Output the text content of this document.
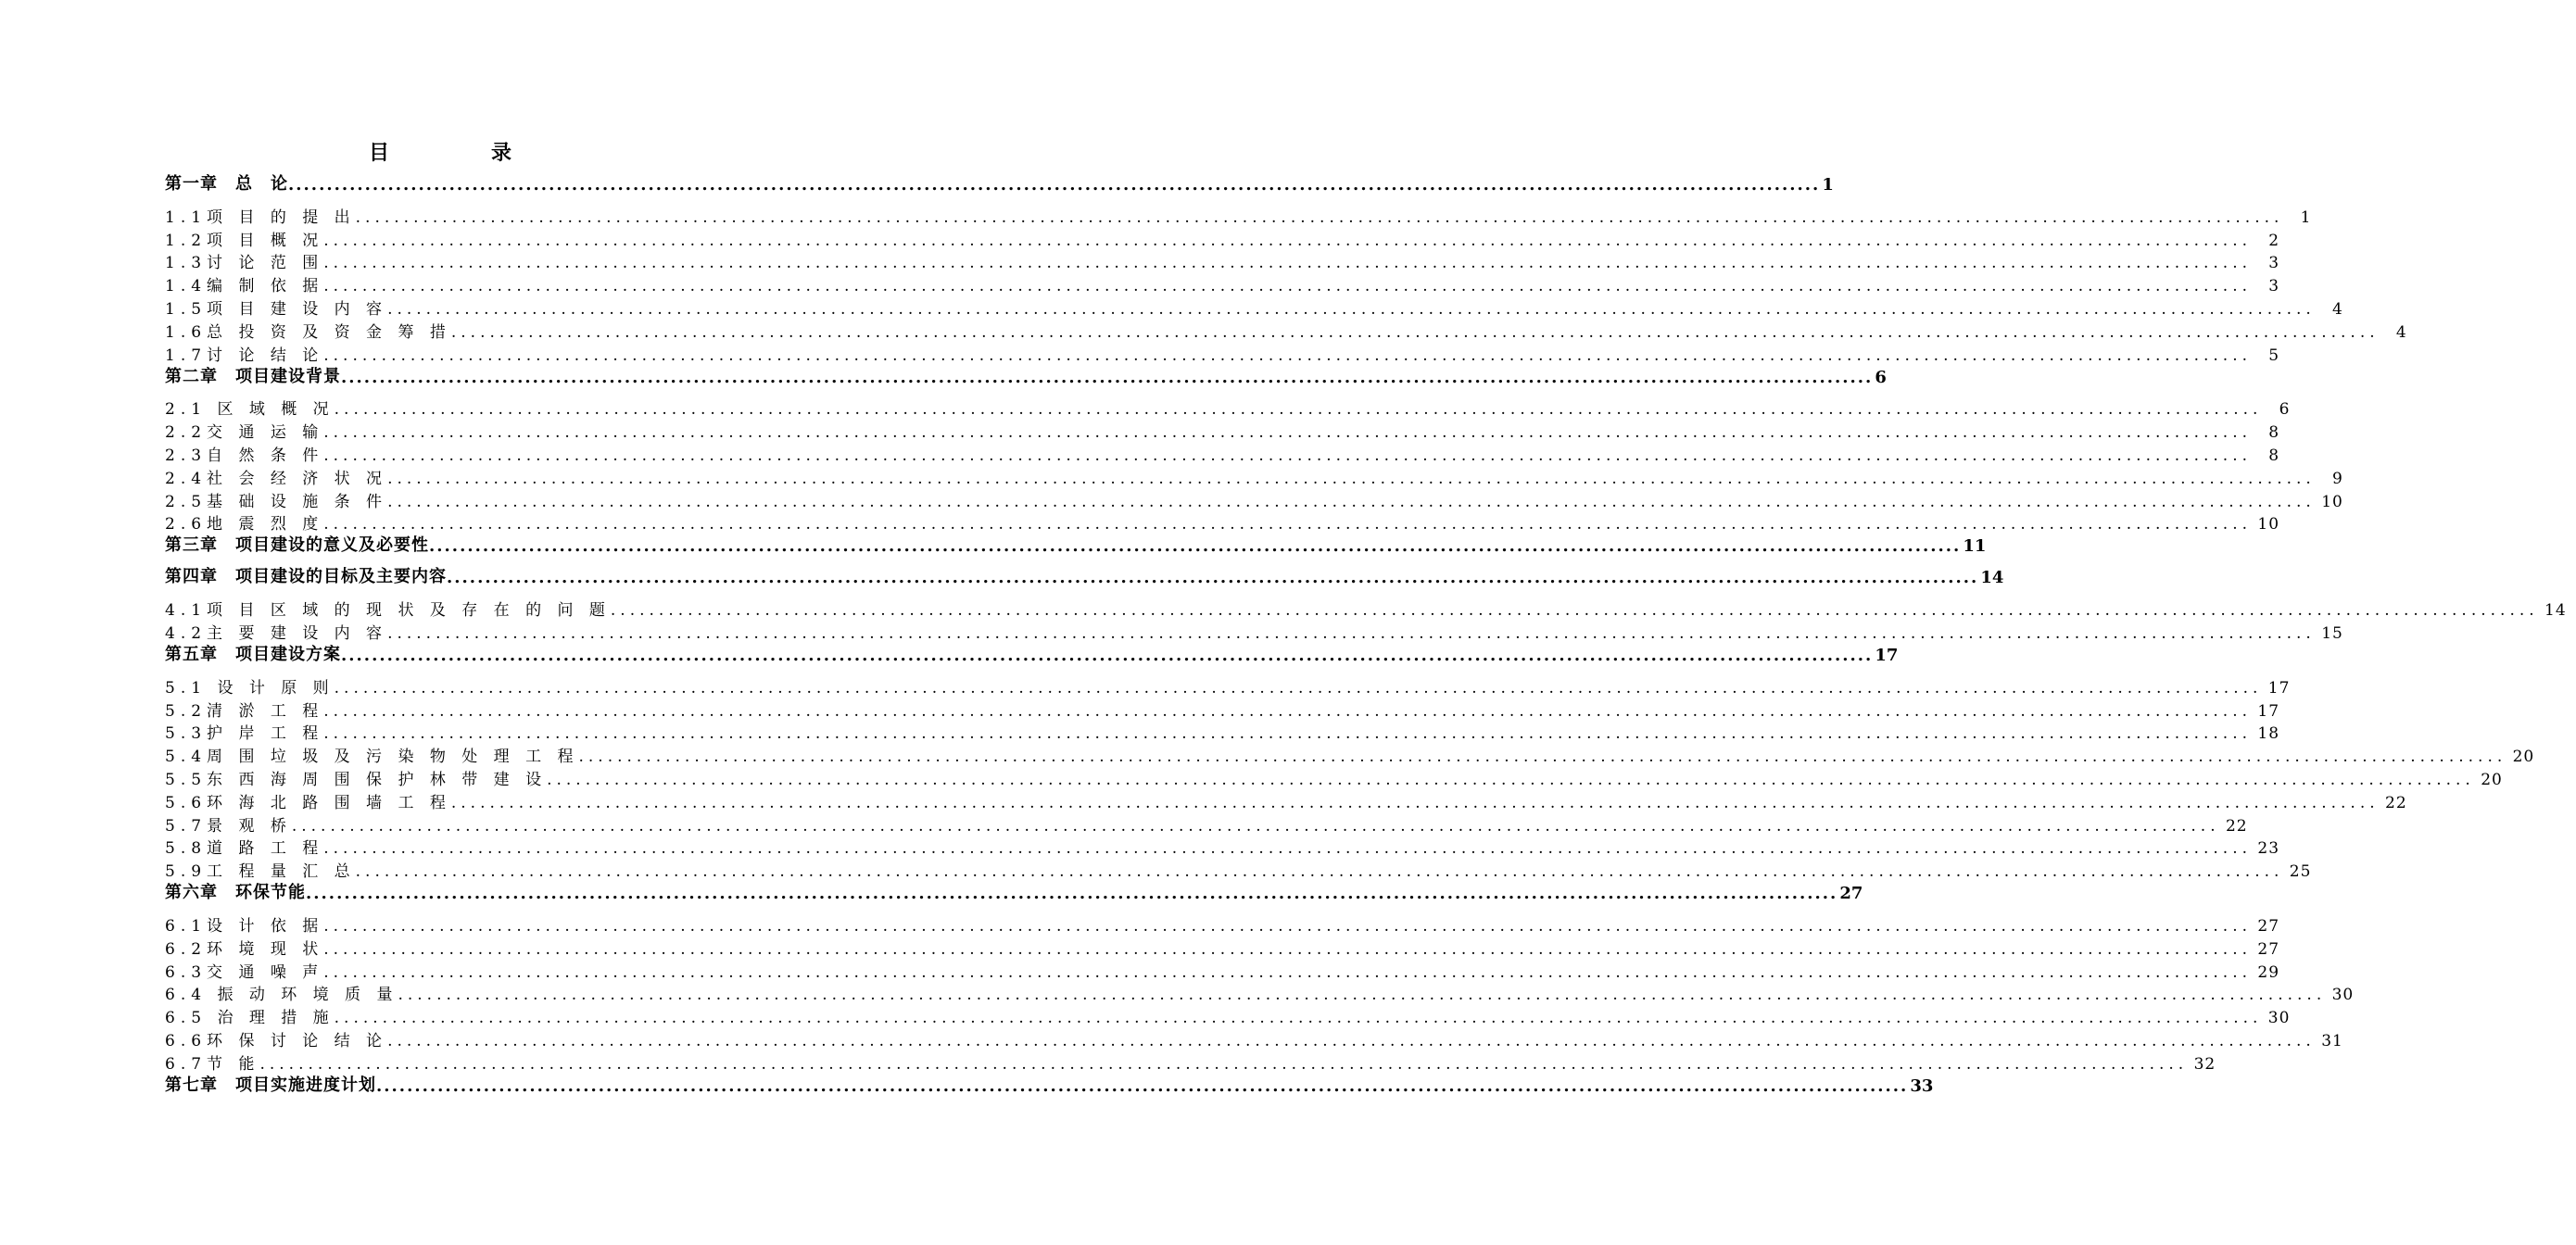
目　录
第一章　总　论 ........................................................................................................................................................................................................ 1
1.1项 目 的 提 出 ........................................................................................................................................................................................................	1
1.2项 目 概 况 ........................................................................................................................................................................................................	2
1.3讨 论 范 围 ........................................................................................................................................................................................................	3
1.4编 制 依 据 ........................................................................................................................................................................................................	3
1.5项 目 建 设 内 容 ........................................................................................................................................................................................................	4
1.6总 投 资 及 资 金 筹 措 ........................................................................................................................................................................................................	4
1.7讨 论 结 论 ........................................................................................................................................................................................................	5
第二章　项目建设背景 ........................................................................................................................................................................................................ 6
2.1 区 域 概 况 ........................................................................................................................................................................................................	6
2.2交 通 运 输 ........................................................................................................................................................................................................	8
2.3自 然 条 件 ........................................................................................................................................................................................................	8
2.4社 会 经 济 状 况 ........................................................................................................................................................................................................	9
2.5基 础 设 施 条 件 ........................................................................................................................................................................................................ 10
2.6地 震 烈 度 ........................................................................................................................................................................................................ 10
第三章　项目建设的意义及必要性 ........................................................................................................................................................................................................ 11
第四章　项目建设的目标及主要内容 ........................................................................................................................................................................................................ 14
4.1项 目 区 域 的 现 状 及 存 在 的 问 题 ........................................................................................................................................................................................................ 14
4.2主 要 建 设 内 容 ........................................................................................................................................................................................................ 15
第五章　项目建设方案 ........................................................................................................................................................................................................ 17
5.1 设 计 原 则 ........................................................................................................................................................................................................ 17
5.2清 淤 工 程 ........................................................................................................................................................................................................ 17
5.3护 岸 工 程 ........................................................................................................................................................................................................ 18
5.4周 围 垃 圾 及 污 染 物 处 理 工 程 ........................................................................................................................................................................................................ 20
5.5东 西 海 周 围 保 护 林 带 建 设 ........................................................................................................................................................................................................ 20
5.6环 海 北 路 围 墙 工 程 ........................................................................................................................................................................................................ 22
5.7景 观 桥 ........................................................................................................................................................................................................ 22
5.8道 路 工 程 ........................................................................................................................................................................................................ 23
5.9工 程 量 汇 总 ........................................................................................................................................................................................................ 25
第六章　环保节能 ........................................................................................................................................................................................................ 27
6.1设 计 依 据 ........................................................................................................................................................................................................ 27
6.2环 境 现 状 ........................................................................................................................................................................................................ 27
6.3交 通 噪 声 ........................................................................................................................................................................................................ 29
6.4 振 动 环 境 质 量 ........................................................................................................................................................................................................ 30
6.5 治 理 措 施 ........................................................................................................................................................................................................ 30
6.6环 保 讨 论 结 论 ........................................................................................................................................................................................................ 31
6.7节 能 ........................................................................................................................................................................................................ 32
第七章　项目实施进度计划 ........................................................................................................................................................................................................ 33
